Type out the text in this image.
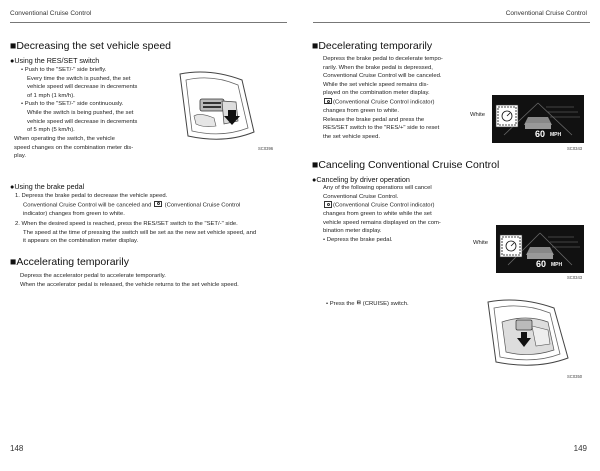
Conventional Cruise Control
■Decreasing the set vehicle speed
●Using the RES/SET switch
• Push to the "SET/-" side briefly.
Every time the switch is pushed, the set
vehicle speed will decrease in decrements
of 1 mph (1 km/h).
• Push to the "SET/-" side continuously.
While the switch is being pushed, the set
vehicle speed will decrease in decrements
of 5 mph (5 km/h).
When operating the switch, the vehicle
speed changes on the combination meter dis-
play.
SC0396
●Using the brake pedal
1. Depress the brake pedal to decrease the vehicle speed.
Conventional Cruise Control will be canceled and (Conventional Cruise Control
indicator) changes from green to white.
2. When the desired speed is reached, press the RES/SET switch to the "SET/-" side.
The speed at the time of pressing the switch will be set as the new set vehicle speed, and
it appears on the combination meter display.
■Accelerating temporarily
Depress the accelerator pedal to accelerate temporarily.
When the accelerator pedal is released, the vehicle returns to the set vehicle speed.
148
Conventional Cruise Control
■Decelerating temporarily
Depress the brake pedal to decelerate tempo-
rarily. When the brake pedal is depressed,
Conventional Cruise Control will be canceled.
While the set vehicle speed remains dis-
played on the combination meter display.
(Conventional Cruise Control indicator)
changes from green to white.
Release the brake pedal and press the
RES/SET switch to the "RES/+" side to reset
the set vehicle speed.
White
60 MPH
SC0343
■Canceling Conventional Cruise Control
●Canceling by driver operation
Any of the following operations will cancel
Conventional Cruise Control.
(Conventional Cruise Control indicator)
changes from green to white while the set
vehicle speed remains displayed on the com-
bination meter display.
• Depress the brake pedal.	White
60 MPH
SC0343
• Press the ⊟ (CRUISE) switch.
SC0350
149
